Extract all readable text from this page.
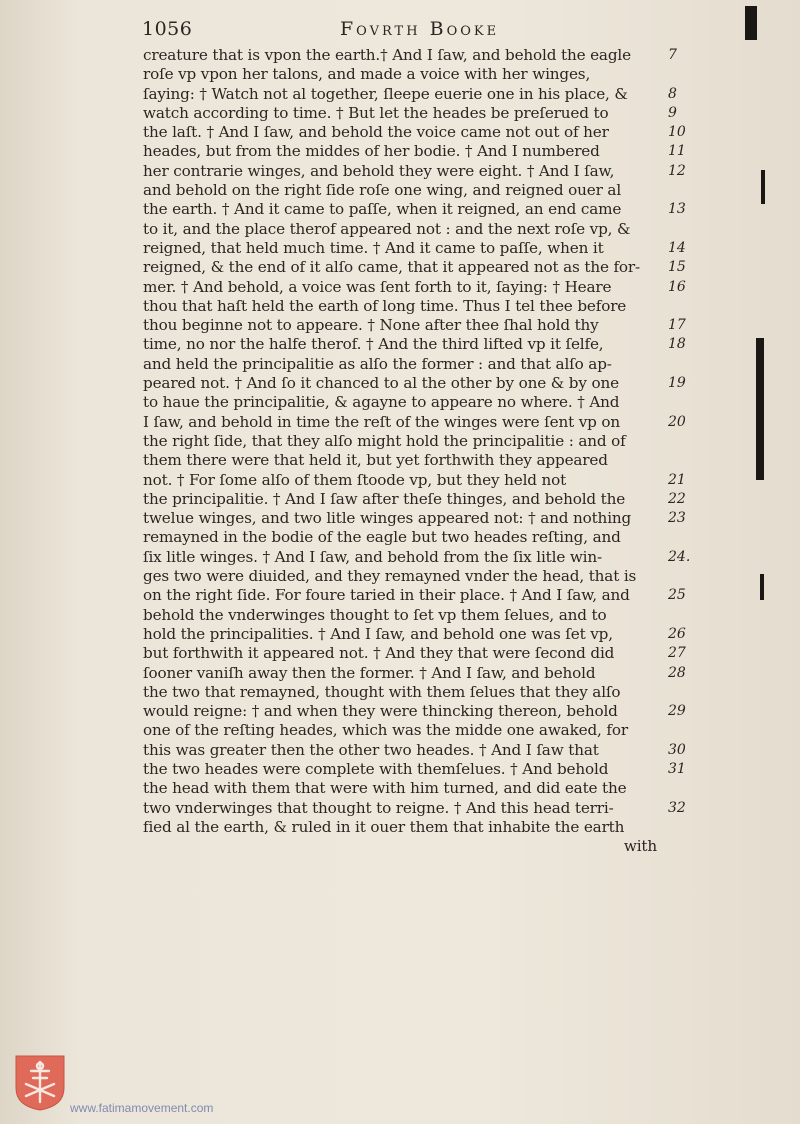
1056	Fovrth Booke
creature that is vpon the earth.† And I ſaw, and behold the eagle
roſe vp vpon her talons, and made a voice with her winges,
ſaying: † Watch not al together, ſleepe euerie one in his place, &
watch according to time. † But let the heades be preſerued to
the laſt. † And I ſaw, and behold the voice came not out of her
heades, but from the middes of her bodie. † And I numbered
her contrarie winges, and behold they were eight. † And I ſaw,
and behold on the right ſide roſe one wing, and reigned ouer al
the earth. † And it came to paſſe, when it reigned, an end came
to it, and the place therof appeared not : and the next roſe vp, &
reigned, that held much time. † And it came to paſſe, when it
reigned, & the end of it alſo came, that it appeared not as the for-
mer. † And behold, a voice was ſent forth to it, ſaying: † Heare
thou that haſt held the earth of long time. Thus I tel thee before
thou beginne not to appeare. † None after thee ſhal hold thy
time, no nor the halfe therof. † And the third lifted vp it ſelfe,
and held the principalitie as alſo the former : and that alſo ap-
peared not. † And ſo it chanced to al the other by one & by one
to haue the principalitie, & agayne to appeare no where. † And
I ſaw, and behold in time the reſt of the winges were ſent vp on
the right ſide, that they alſo might hold the principalitie : and of
them there were that held it, but yet forthwith they appeared
not. † For ſome alſo of them ſtoode vp, but they held not
the principalitie. † And I ſaw after theſe thinges, and behold the
twelue winges, and two litle winges appeared not: † and nothing
remayned in the bodie of the eagle but two heades reſting, and
ſix litle winges. † And I ſaw, and behold from the ſix litle win-
ges two were diuided, and they remayned vnder the head, that is
on the right ſide. For foure taried in their place. † And I ſaw, and
behold the vnderwinges thought to ſet vp them ſelues, and to
hold the principalities. † And I ſaw, and behold one was ſet vp,
but forthwith it appeared not. † And they that were ſecond did
ſooner vaniſh away then the former. † And I ſaw, and behold
the two that remayned, thought with them ſelues that they alſo
would reigne: † and when they were thincking thereon, behold
one of the reſting heades, which was the midde one awaked, for
this was greater then the other two heades. † And I ſaw that
the two heades were complete with themſelues. † And behold
the head with them that were with him turned, and did eate the
two vnderwinges that thought to reigne. † And this head terri-
fied al the earth, & ruled in it ouer them that inhabite the earth
with
7
8
9
10
11
12
13
14
15
16
17
18
19
20
21
22
23
24.
25
26
27
28
29
30
31
32
www.fatimamovement.com
